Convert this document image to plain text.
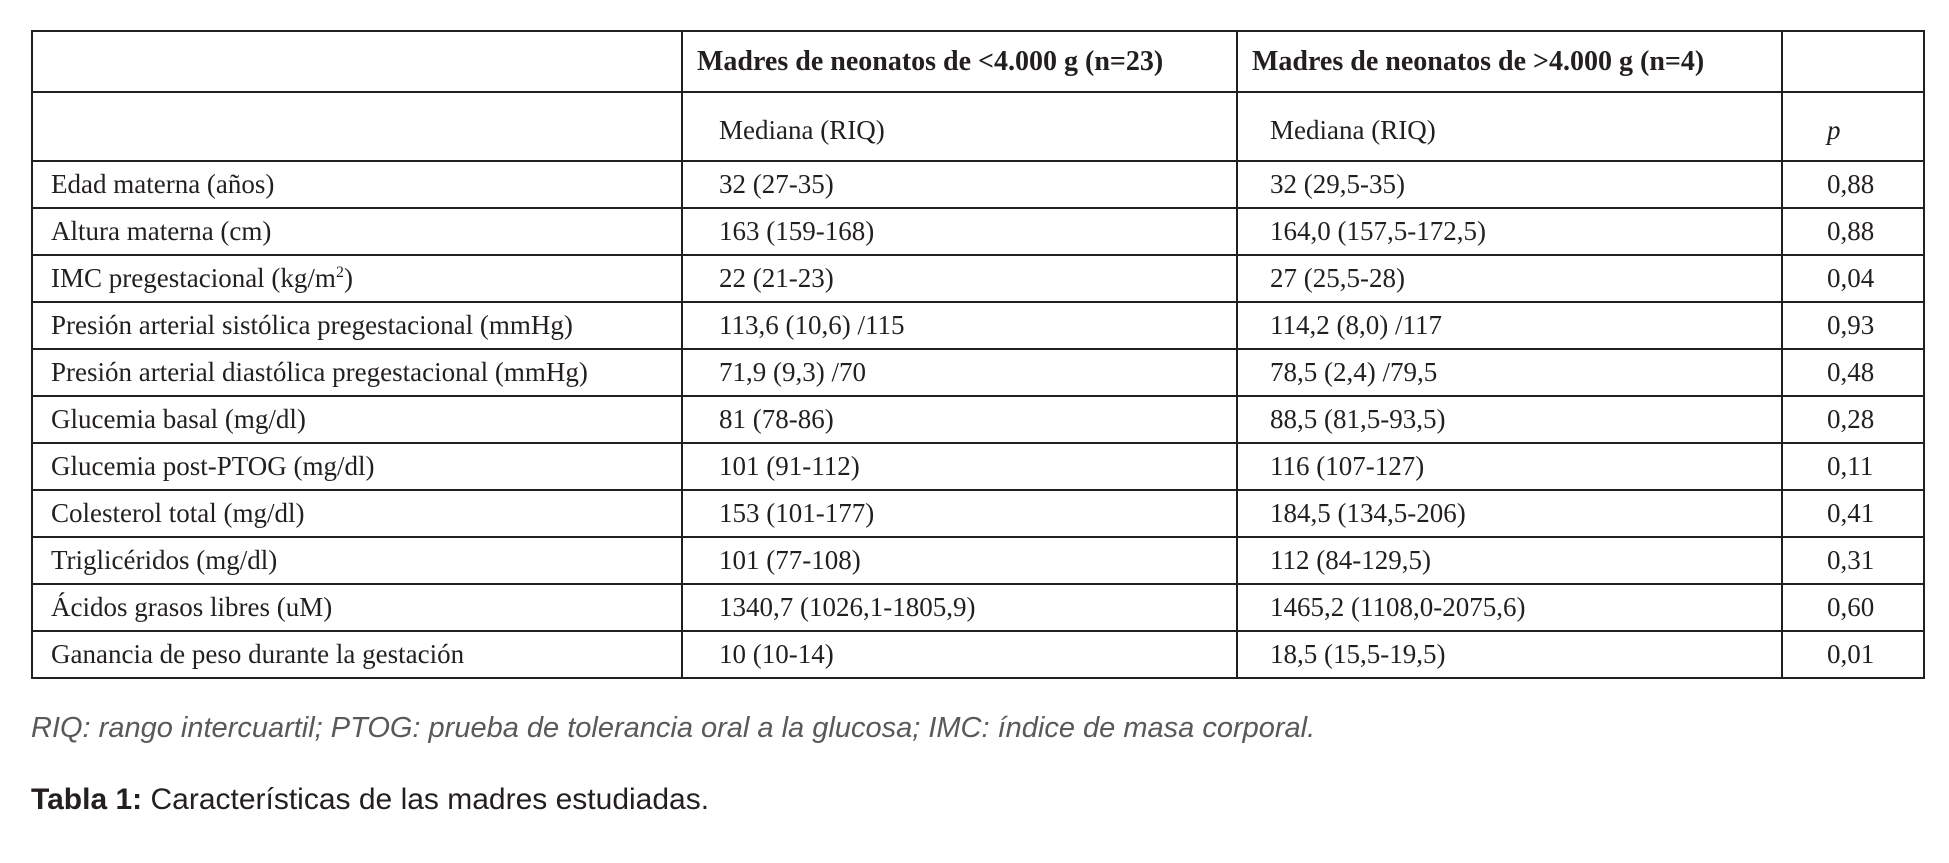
	Madres de neonatos de <4.000 g (n=23)	Madres de neonatos de >4.000 g (n=4)	
	Mediana (RIQ)	Mediana (RIQ)	p
Edad materna (años)	32 (27-35)	32 (29,5-35)	0,88
Altura materna (cm)	163 (159-168)	164,0 (157,5-172,5)	0,88
IMC pregestacional $(kg/m^2)$	22 (21-23)	27 (25,5-28)	0,04
Presión arterial sistólica pregestacional (mmHg)	113,6 (10,6) /115	114,2 (8,0) /117	0,93
Presión arterial diastólica pregestacional (mmHg)	71,9 (9,3) /70	78,5 (2,4) /79,5	0,48
Glucemia basal (mg/dl)	81 (78-86)	88,5 (81,5-93,5)	0,28
Glucemia post-PTOG (mg/dl)	101 (91-112)	116 (107-127)	0,11
Colesterol total (mg/dl)	153 (101-177)	184,5 (134,5-206)	0,41
Triglicéridos (mg/dl)	101 (77-108)	112 (84-129,5)	0,31
Ácidos grasos libres (uM)	1340,7 (1026,1-1805,9)	1465,2 (1108,0-2075,6)	0,60
Ganancia de peso durante la gestación	10 (10-14)	18,5 (15,5-19,5)	0,01
RIQ: rango intercuartil; PTOG: prueba de tolerancia oral a la glucosa; IMC: índice de masa corporal.
Tabla 1: Características de las madres estudiadas.
